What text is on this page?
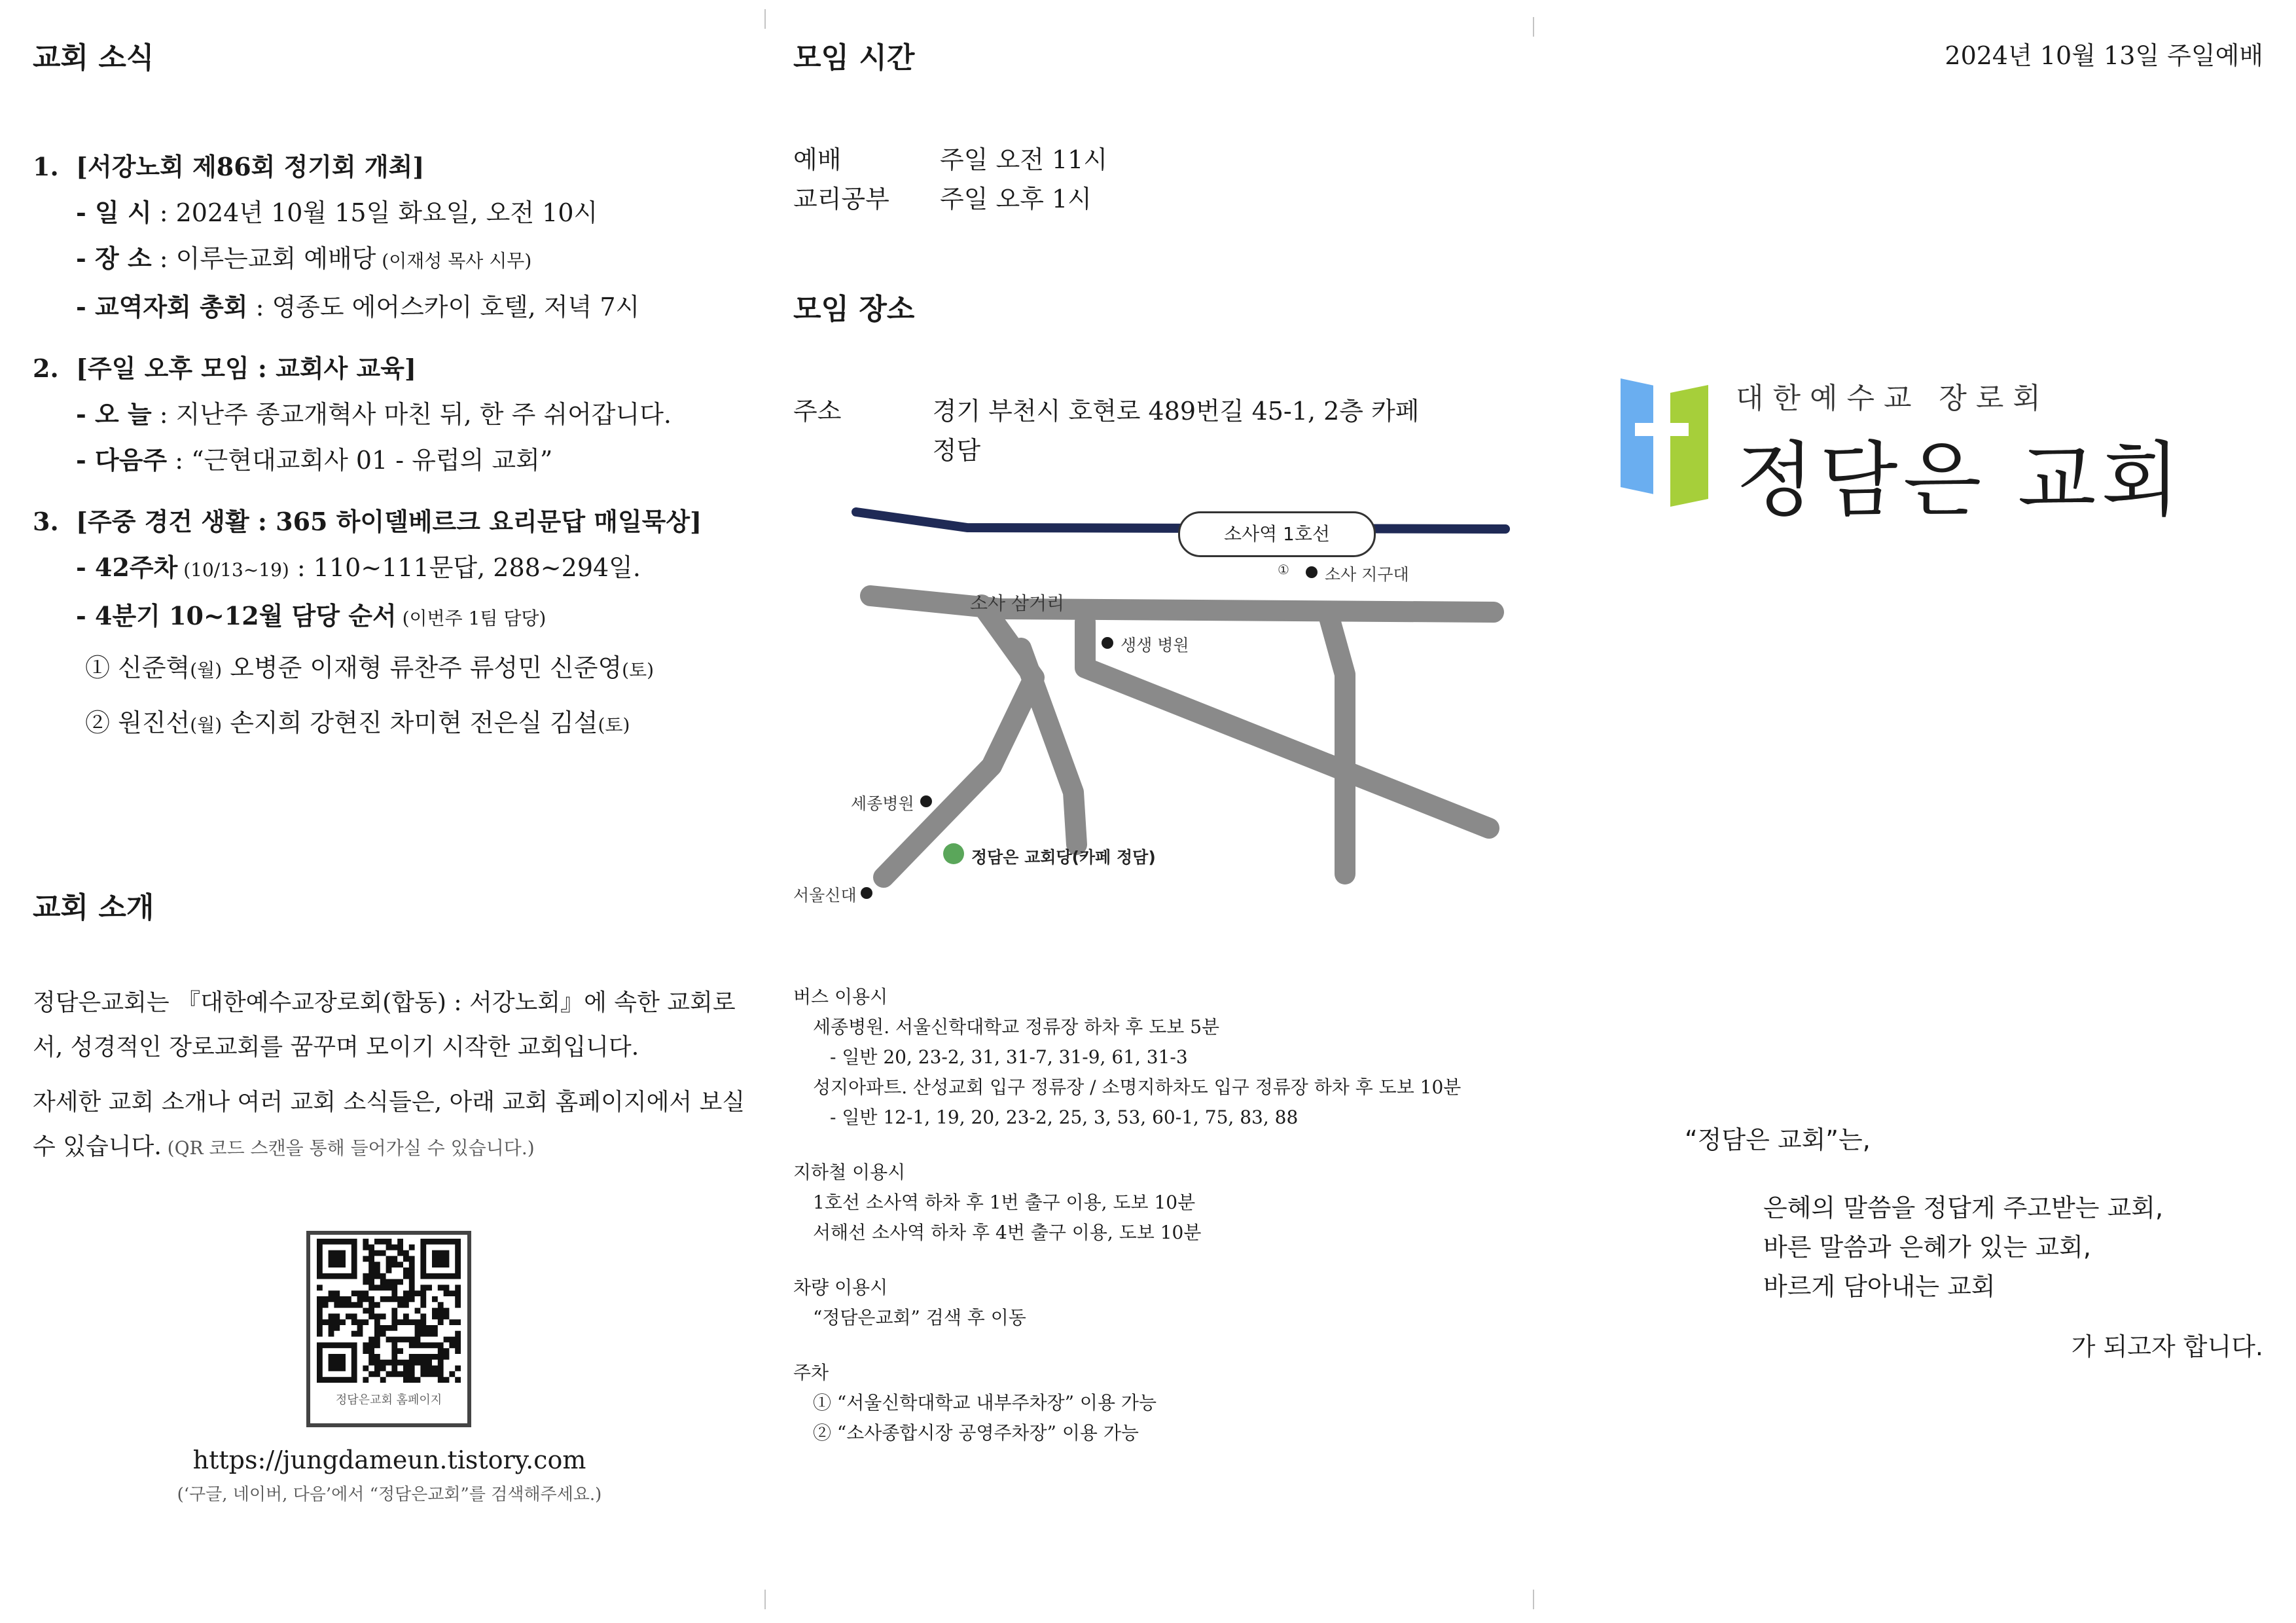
교회 소식
1. [서강노회 제86회 정기회 개최]
- 일 시 : 2024년 10월 15일 화요일, 오전 10시
- 장 소 : 이루는교회 예배당 (이재성 목사 시무)
- 교역자회 총회 : 영종도 에어스카이 호텔, 저녁 7시
2. [주일 오후 모임 : 교회사 교육]
- 오 늘 : 지난주 종교개혁사 마친 뒤, 한 주 쉬어갑니다.
- 다음주 : “근현대교회사 01 - 유럽의 교회”
3. [주중 경건 생활 : 365 하이델베르크 요리문답 매일묵상]
- 42주차 (10/13~19) : 110~111문답, 288~294일.
- 4분기 10~12월 담당 순서 (이번주 1팀 담당)
① 신준혁(월) 오병준 이재형 류찬주 류성민 신준영(토)
② 원진선(월) 손지희 강현진 차미현 전은실 김설(토)
교회 소개

정담은교회는 『대한예수교장로회(합동) : 서강노회』에 속한 교회로서, 성경적인 장로교회를 꿈꾸며 모이기 시작한 교회입니다.

자세한 교회 소개나 여러 교회 소식들은, 아래 교회 홈페이지에서 보실 수 있습니다. (QR 코드 스캔을 통해 들어가실 수 있습니다.)

정담은교회 홈페이지
https://jungdameun.tistory.com
(‘구글, 네이버, 다음’에서 “정담은교회”를 검색해주세요.)
모임 시간
예배	주일 오전 11시
교리공부	주일 오후 1시
모임 장소
주소	경기 부천시 호현로 489번길 45-1, 2층 카페 정담
소사역 1호선
① 소사 지구대
소사 삼거리
생생 병원
세종병원
정담은 교회당(카페 정담)
서울신대
버스 이용시
세종병원. 서울신학대학교 정류장 하차 후 도보 5분
- 일반 20, 23-2, 31, 31-7, 31-9, 61, 31-3
성지아파트. 산성교회 입구 정류장 / 소명지하차도 입구 정류장 하차 후 도보 10분
- 일반 12-1, 19, 20, 23-2, 25, 3, 53, 60-1, 75, 83, 88
지하철 이용시
1호선 소사역 하차 후 1번 출구 이용, 도보 10분
서해선 소사역 하차 후 4번 출구 이용, 도보 10분
차량 이용시
“정담은교회” 검색 후 이동
주차
① “서울신학대학교 내부주차장” 이용 가능
② “소사종합시장 공영주차장” 이용 가능
2024년 10월 13일 주일예배
대 한 예 수 교   장 로 회
정담은 교회
“정담은 교회”는,
은혜의 말씀을 정답게 주고받는 교회,
바른 말씀과 은혜가 있는 교회,
바르게 담아내는 교회
가 되고자 합니다.
